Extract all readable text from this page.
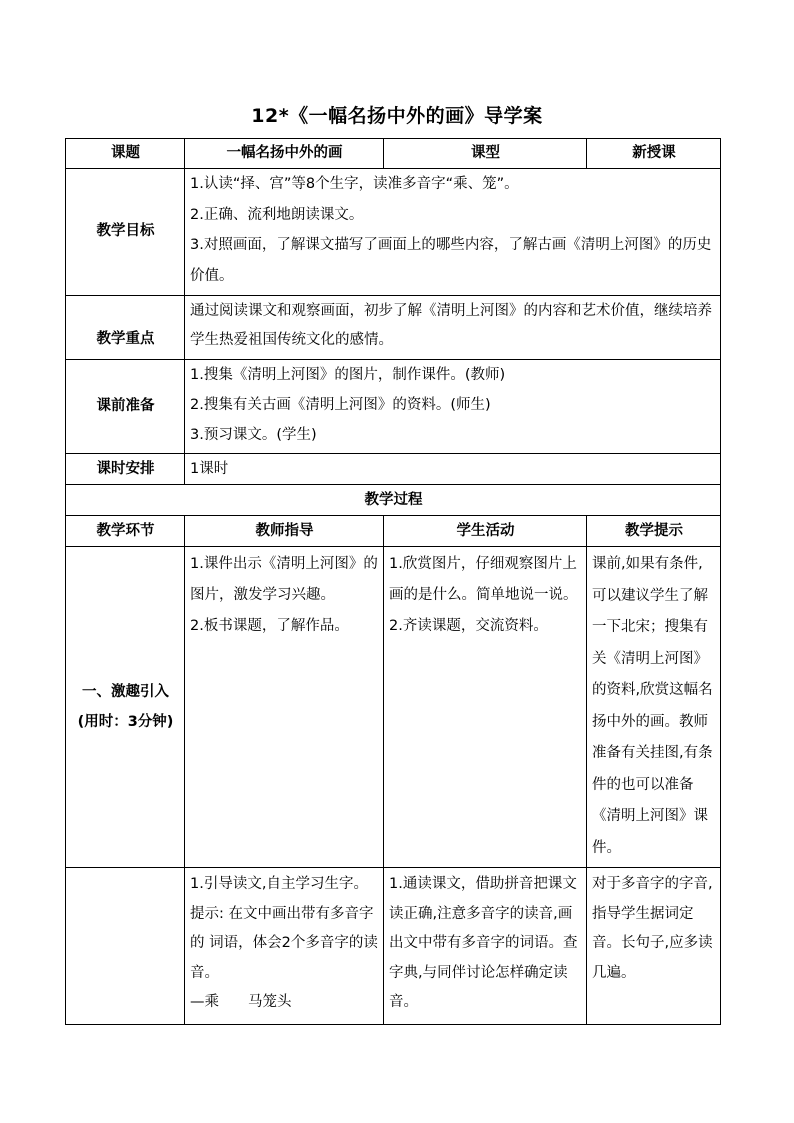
12*《一幅名扬中外的画》导学案
课题	一幅名扬中外的画	课型	新授课
教学目标	1.认读“择、宫”等8个生字，读准多音字“乘、笼”。
2.正确、流利地朗读课文。
3.对照画面，了解课文描写了画面上的哪些内容，了解古画《清明上河图》的历史价值。		

教学重点	通过阅读课文和观察画面，初步了解《清明上河图》的内容和艺术价值，继续培养学生热爱祖国传统文化的感情。		
课前准备	1.搜集《清明上河图》的图片，制作课件。(教师)
2.搜集有关古画《清明上河图》的资料。(师生)
3.预习课文。(学生)		

课时安排	1课时		
教学过程			
教学环节	教师指导	学生活动	教学提示

一、激趣引入
(用时：3分钟)	1.课件出示《清明上河图》的图片，激发学习兴趣。
2.板书课题，了解作品。	1.欣赏图片，仔细观察图片上画的是什么。简单地说一说。
2.齐读课题，交流资料。	课前,如果有条件,可以建议学生了解一下北宋；搜集有关《清明上河图》的资料,欣赏这幅名扬中外的画。教师准备有关挂图,有条件的也可以准备《清明上河图》课件。

	1.引导读文,自主学习生字。
提示: 在文中画出带有多音字的 词语，体会2个多音字的读音。
—乘　　马笼头	1.通读课文，借助拼音把课文读正确,注意多音字的读音,画出文中带有多音字的词语。查字典,与同伴讨论怎样确定读音。	对于多音字的字音,指导学生据词定音。长句子,应多读几遍。
